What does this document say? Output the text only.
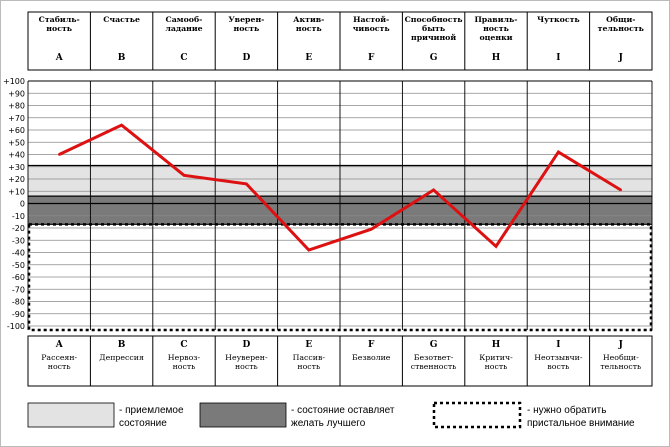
+100
+90
+80
+70
+60
+50
+40
+30
+20
+10
0
-10
-20
-30
-40
-50
-60
-70
-80
-90
-100
Стабиль-
ность
A
Счастье
B
Самооб-
ладание
C
Уверен-
ность
D
Актив-
ность
E
Настой-
чивость
F
Способность
быть
причиной
G
Правиль-
ность
оценки
H
Чуткость
I
Общи-
тельность
J
A
Рассеян-
ность
B
Депрессия
C
Нервоз-
ность
D
Неуверен-
ность
E
Пассив-
ность
F
Безволие
G
Безответ-
ственность
H
Критич-
ность
I
Неотзывчи-
вость
J
Необщи-
тельность
- приемлемое
состояние
- состояние оставляет
желать лучшего
- нужно обратить
пристальное внимание
